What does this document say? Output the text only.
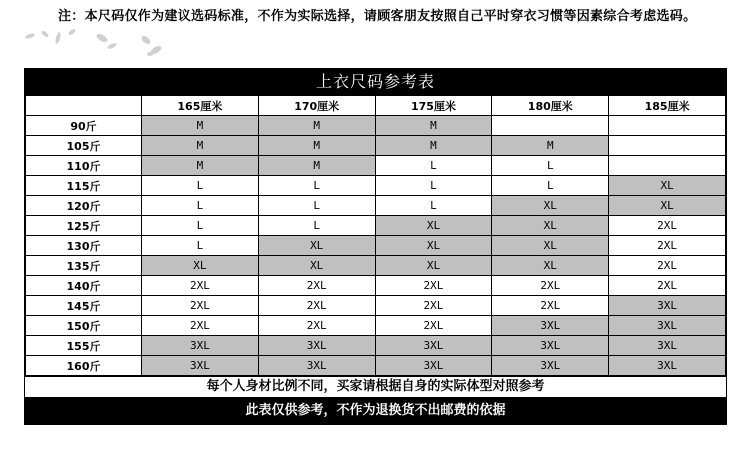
注：本尺码仅作为建议选码标准，不作为实际选择，请顾客朋友按照自己平时穿衣习惯等因素综合考虑选码。
上衣尺码参考表
	165厘米	170厘米	175厘米	180厘米	185厘米
90斤	M	M	M		
105斤	M	M	M	M	
110斤	M	M	L	L	
115斤	L	L	L	L	XL
120斤	L	L	L	XL	XL
125斤	L	L	XL	XL	2XL
130斤	L	XL	XL	XL	2XL
135斤	XL	XL	XL	XL	2XL
140斤	2XL	2XL	2XL	2XL	2XL
145斤	2XL	2XL	2XL	2XL	3XL
150斤	2XL	2XL	2XL	3XL	3XL
155斤	3XL	3XL	3XL	3XL	3XL
160斤	3XL	3XL	3XL	3XL	3XL
每个人身材比例不同，买家请根据自身的实际体型对照参考
此表仅供参考，不作为退换货不出邮费的依据
